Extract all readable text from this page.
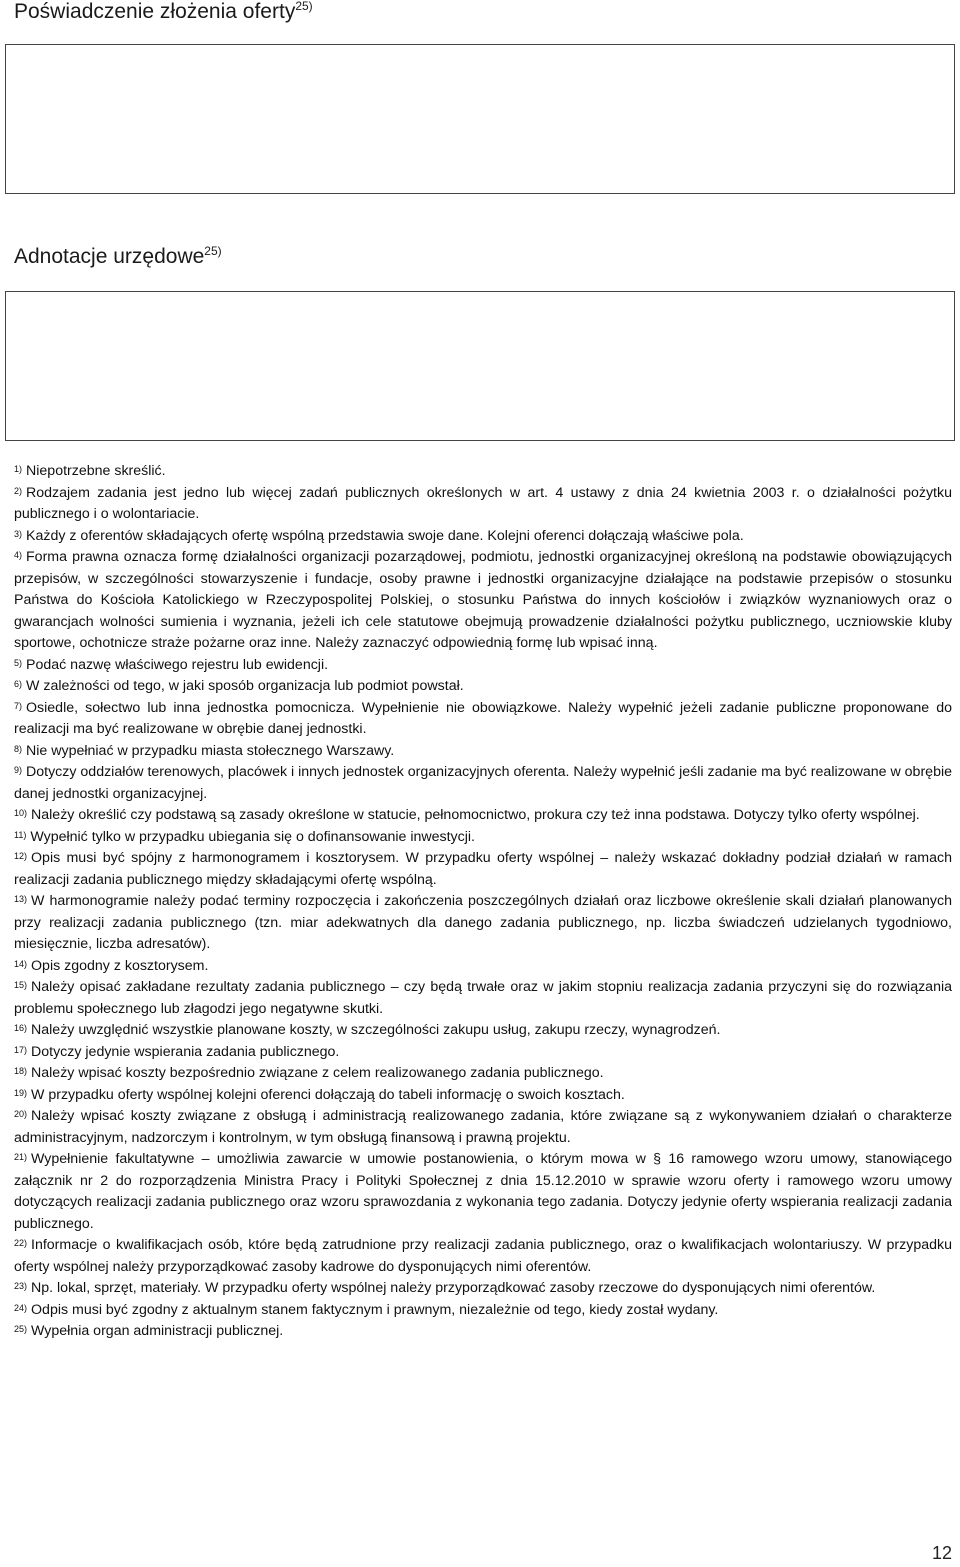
Poświadczenie złożenia oferty$^{25)}$
Adnotacje urzędowe$^{25)}$

$^{1)}$ Niepotrzebne skreślić.

$^{2)}$ Rodzajem zadania jest jedno lub więcej zadań publicznych określonych w art. 4 ustawy z dnia 24 kwietnia 2003 r. o działalności pożytku publicznego i o wolontariacie.

$^{3)}$ Każdy z oferentów składających ofertę wspólną przedstawia swoje dane. Kolejni oferenci dołączają właściwe pola.

$^{4)}$ Forma prawna oznacza formę działalności organizacji pozarządowej, podmiotu, jednostki organizacyjnej określoną na podstawie obowiązujących przepisów, w szczególności stowarzyszenie i fundacje, osoby prawne i jednostki organizacyjne działające na podstawie przepisów o stosunku Państwa do Kościoła Katolickiego w Rzeczypospolitej Polskiej, o stosunku Państwa do innych kościołów i związków wyznaniowych oraz o gwarancjach wolności sumienia i wyznania, jeżeli ich cele statutowe obejmują prowadzenie działalności pożytku publicznego, uczniowskie kluby sportowe, ochotnicze straże pożarne oraz inne. Należy zaznaczyć odpowiednią formę lub wpisać inną.

$^{5)}$ Podać nazwę właściwego rejestru lub ewidencji.

$^{6)}$ W zależności od tego, w jaki sposób organizacja lub podmiot powstał.

$^{7)}$ Osiedle, sołectwo lub inna jednostka pomocnicza. Wypełnienie nie obowiązkowe. Należy wypełnić jeżeli zadanie publiczne proponowane do realizacji ma być realizowane w obrębie danej jednostki.

$^{8)}$ Nie wypełniać w przypadku miasta stołecznego Warszawy.

$^{9)}$ Dotyczy oddziałów terenowych, placówek i innych jednostek organizacyjnych oferenta. Należy wypełnić jeśli zadanie ma być realizowane w obrębie danej jednostki organizacyjnej.

$^{10)}$ Należy określić czy podstawą są zasady określone w statucie, pełnomocnictwo, prokura czy też inna podstawa. Dotyczy tylko oferty wspólnej.

$^{11)}$ Wypełnić tylko w przypadku ubiegania się o dofinansowanie inwestycji.

$^{12)}$ Opis musi być spójny z harmonogramem i kosztorysem. W przypadku oferty wspólnej – należy wskazać dokładny podział działań w ramach realizacji zadania publicznego między składającymi ofertę wspólną.

$^{13)}$ W harmonogramie należy podać terminy rozpoczęcia i zakończenia poszczególnych działań oraz liczbowe określenie skali działań planowanych przy realizacji zadania publicznego (tzn. miar adekwatnych dla danego zadania publicznego, np. liczba świadczeń udzielanych tygodniowo, miesięcznie, liczba adresatów).

$^{14)}$ Opis zgodny z kosztorysem.

$^{15)}$ Należy opisać zakładane rezultaty zadania publicznego – czy będą trwałe oraz w jakim stopniu realizacja zadania przyczyni się do rozwiązania problemu społecznego lub złagodzi jego negatywne skutki.

$^{16)}$ Należy uwzględnić wszystkie planowane koszty, w szczególności zakupu usług, zakupu rzeczy, wynagrodzeń.

$^{17)}$ Dotyczy jedynie wspierania zadania publicznego.

$^{18)}$ Należy wpisać koszty bezpośrednio związane z celem realizowanego zadania publicznego.

$^{19)}$ W przypadku oferty wspólnej kolejni oferenci dołączają do tabeli informację o swoich kosztach.

$^{20)}$ Należy wpisać koszty związane z obsługą i administracją realizowanego zadania, które związane są z wykonywaniem działań o charakterze administracyjnym, nadzorczym i kontrolnym, w tym obsługą finansową i prawną projektu.

$^{21)}$ Wypełnienie fakultatywne – umożliwia zawarcie w umowie postanowienia, o którym mowa w § 16 ramowego wzoru umowy, stanowiącego załącznik nr 2 do rozporządzenia Ministra Pracy i Polityki Społecznej z dnia 15.12.2010 w sprawie wzoru oferty i ramowego wzoru umowy dotyczących realizacji zadania publicznego oraz wzoru sprawozdania z wykonania tego zadania. Dotyczy jedynie oferty wspierania realizacji zadania publicznego.

$^{22)}$ Informacje o kwalifikacjach osób, które będą zatrudnione przy realizacji zadania publicznego, oraz o kwalifikacjach wolontariuszy. W przypadku oferty wspólnej należy przyporządkować zasoby kadrowe do dysponujących nimi oferentów.

$^{23)}$ Np. lokal, sprzęt, materiały. W przypadku oferty wspólnej należy przyporządkować zasoby rzeczowe do dysponujących nimi oferentów.

$^{24)}$ Odpis musi być zgodny z aktualnym stanem faktycznym i prawnym, niezależnie od tego, kiedy został wydany.

$^{25)}$ Wypełnia organ administracji publicznej.

12
